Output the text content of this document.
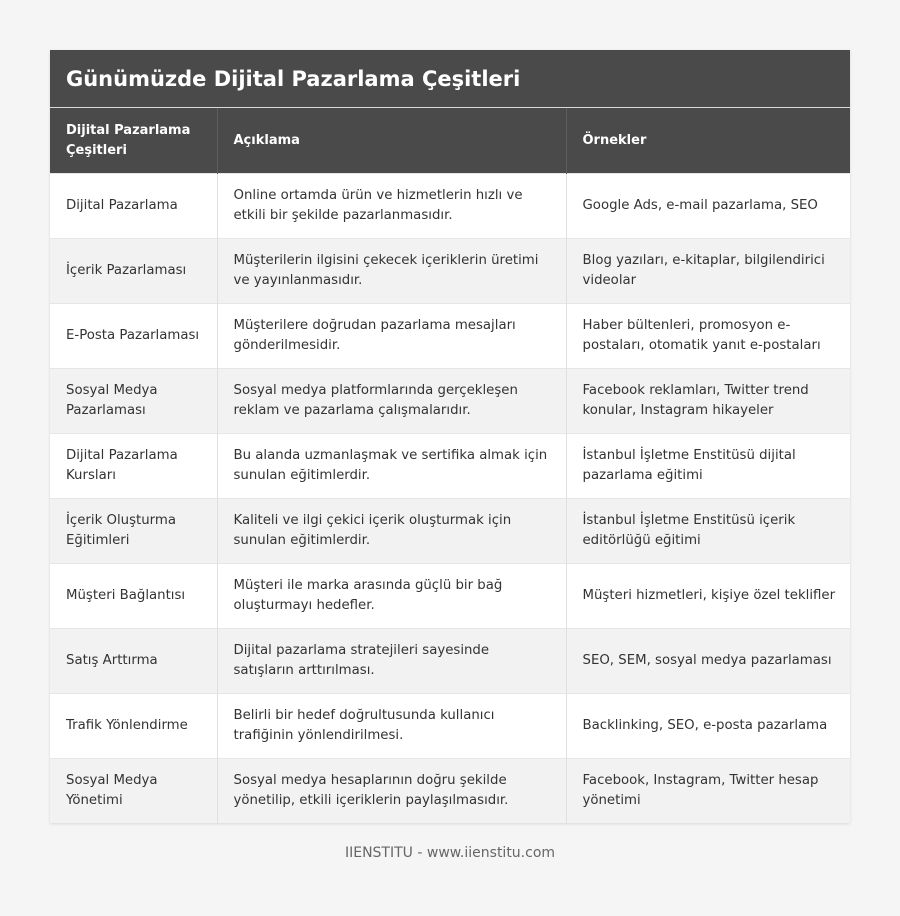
Günümüzde Dijital Pazarlama Çeşitleri
Dijital Pazarlama Çeşitleri	Açıklama	Örnekler
Dijital Pazarlama	Online ortamda ürün ve hizmetlerin hızlı ve etkili bir şekilde pazarlanmasıdır.	Google Ads, e-mail pazarlama, SEO
İçerik Pazarlaması	Müşterilerin ilgisini çekecek içeriklerin üretimi ve yayınlanmasıdır.	Blog yazıları, e-kitaplar, bilgilendirici videolar
E-Posta Pazarlaması	Müşterilere doğrudan pazarlama mesajları gönderilmesidir.	Haber bültenleri, promosyon e-postaları, otomatik yanıt e-postaları
Sosyal Medya Pazarlaması	Sosyal medya platformlarında gerçekleşen reklam ve pazarlama çalışmalarıdır.	Facebook reklamları, Twitter trend konular, Instagram hikayeler
Dijital Pazarlama Kursları	Bu alanda uzmanlaşmak ve sertifika almak için sunulan eğitimlerdir.	İstanbul İşletme Enstitüsü dijital pazarlama eğitimi
İçerik Oluşturma Eğitimleri	Kaliteli ve ilgi çekici içerik oluşturmak için sunulan eğitimlerdir.	İstanbul İşletme Enstitüsü içerik editörlüğü eğitimi
Müşteri Bağlantısı	Müşteri ile marka arasında güçlü bir bağ oluşturmayı hedefler.	Müşteri hizmetleri, kişiye özel teklifler
Satış Arttırma	Dijital pazarlama stratejileri sayesinde satışların arttırılması.	SEO, SEM, sosyal medya pazarlaması
Trafik Yönlendirme	Belirli bir hedef doğrultusunda kullanıcı trafiğinin yönlendirilmesi.	Backlinking, SEO, e-posta pazarlama
Sosyal Medya Yönetimi	Sosyal medya hesaplarının doğru şekilde yönetilip, etkili içeriklerin paylaşılmasıdır.	Facebook, Instagram, Twitter hesap yönetimi
IIENSTITU - www.iienstitu.com
